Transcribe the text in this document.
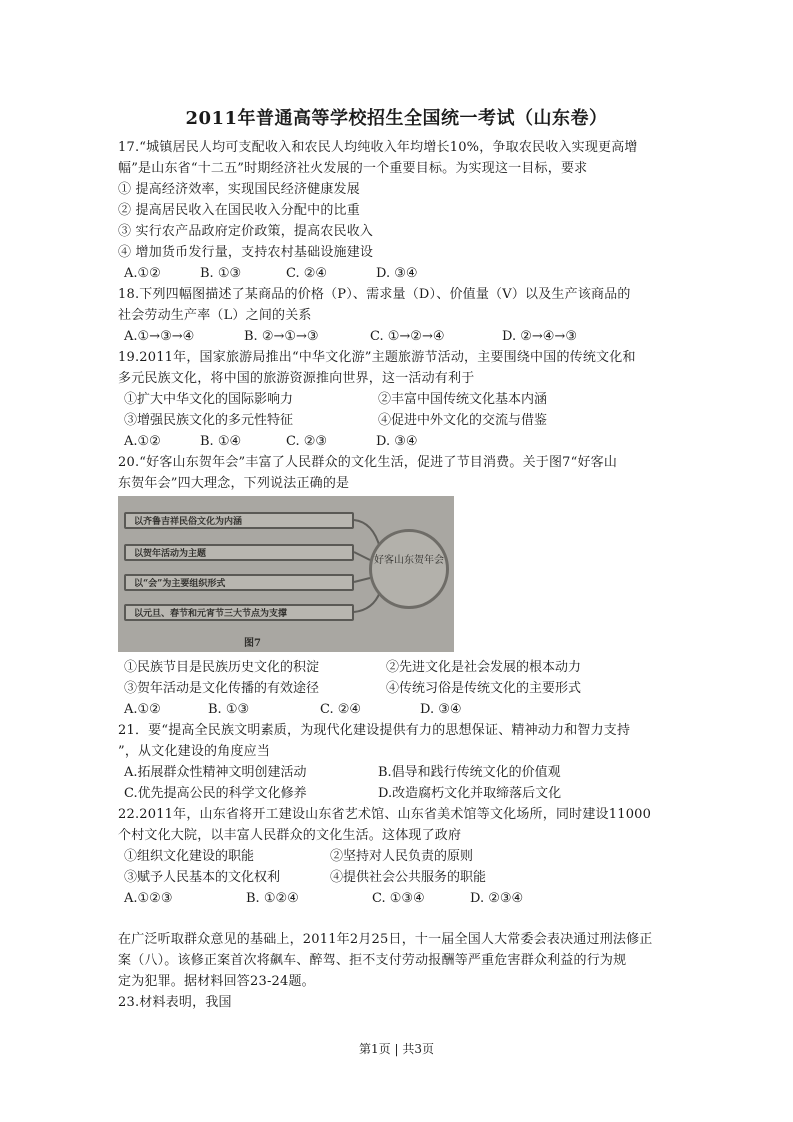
2011年普通高等学校招生全国统一考试（山东卷）
17.“城镇居民人均可支配收入和农民人均纯收入年均增长10%，争取农民收入实现更高增
幅”是山东省“十二五”时期经济社火发展的一个重要目标。为实现这一目标，要求
① 提高经济效率，实现国民经济健康发展
② 提高居民收入在国民收入分配中的比重
③ 实行农产品政府定价政策，提高农民收入
④ 增加货币发行量，支持农村基础设施建设
A.①②	B. ①③	C. ②④	D. ③④
18.下列四幅图描述了某商品的价格（P）、需求量（D）、价值量（V）以及生产该商品的
社会劳动生产率（L）之间的关系
A.①→③→④	B. ②→①→③	C. ①→②→④	D. ②→④→③
19.2011年，国家旅游局推出“中华文化游”主题旅游节活动，主要围绕中国的传统文化和
多元民族文化，将中国的旅游资源推向世界，这一活动有利于
①扩大中华文化的国际影响力	②丰富中国传统文化基本内涵
③增强民族文化的多元性特征	④促进中外文化的交流与借鉴
A.①②	B. ①④	C. ②③	D. ③④
20.“好客山东贺年会”丰富了人民群众的文化生活，促进了节目消费。关于图7“好客山
东贺年会”四大理念，下列说法正确的是
以齐鲁吉祥民俗文化为内涵
以贺年活动为主题
以“会”为主要组织形式
以元旦、春节和元宵节三大节点为支撑
好客山东贺年会
图7
①民族节目是民族历史文化的积淀	②先进文化是社会发展的根本动力
③贺年活动是文化传播的有效途径	④传统习俗是传统文化的主要形式
A.①②	B. ①③	C. ②④	D. ③④
21．要“提高全民族文明素质，为现代化建设提供有力的思想保证、精神动力和智力支持
”，从文化建设的角度应当
A.拓展群众性精神文明创建活动	B.倡导和践行传统文化的价值观
C.优先提高公民的科学文化修养	D.改造腐朽文化并取缔落后文化
22.2011年，山东省将开工建设山东省艺术馆、山东省美术馆等文化场所，同时建设11000
个村文化大院，以丰富人民群众的文化生活。这体现了政府
①组织文化建设的职能	②坚持对人民负责的原则
③赋予人民基本的文化权利	④提供社会公共服务的职能
A.①②③	B. ①②④	C. ①③④	D. ②③④
在广泛听取群众意见的基础上，2011年2月25日，十一届全国人大常委会表决通过刑法修正
案（八）。该修正案首次将飙车、醉驾、拒不支付劳动报酬等严重危害群众利益的行为规
定为犯罪。据材料回答23-24题。
23.材料表明，我国
第1页 | 共3页
